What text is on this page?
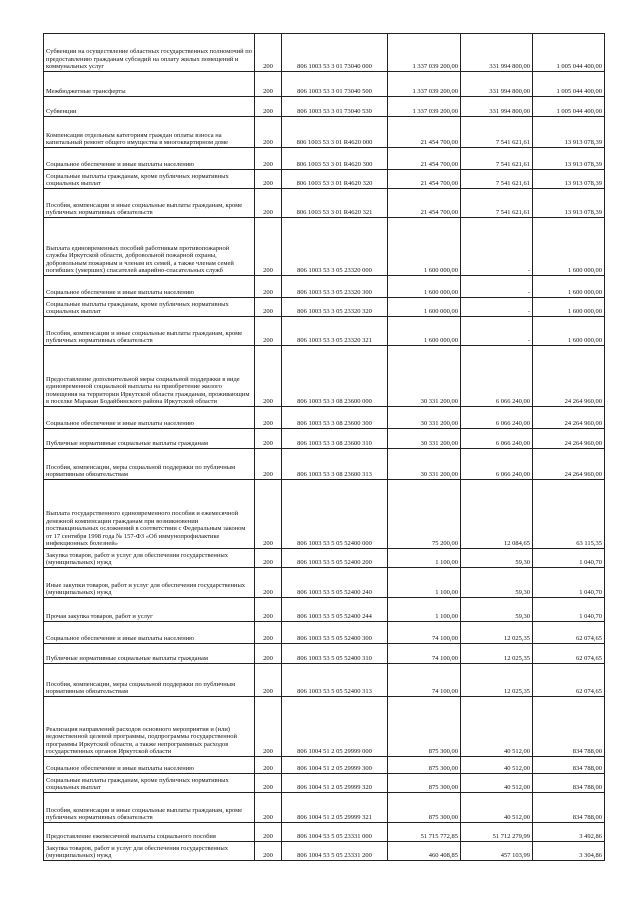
Субвенции на осуществление областных государственных полномочий по предоставлению гражданам субсидий на оплату жилых помещений и коммунальных услуг	200	806 1003 53 3 01 73040 000	1 337 039 200,00	331 994 800,00	1 005 044 400,00
Межбюджетные трансферты	200	806 1003 53 3 01 73040 500	1 337 039 200,00	331 994 800,00	1 005 044 400,00
Субвенции	200	806 1003 53 3 01 73040 530	1 337 039 200,00	331 994 800,00	1 005 044 400,00
Компенсация отдельным категориям граждан оплаты взноса на капитальный ремонт общего имущества в многоквартирном доме	200	806 1003 53 3 01 R4620 000	21 454 700,00	7 541 621,61	13 913 078,39
Социальное обеспечение и иные выплаты населению	200	806 1003 53 3 01 R4620 300	21 454 700,00	7 541 621,61	13 913 078,39
Социальные выплаты гражданам, кроме публичных нормативных социальных выплат	200	806 1003 53 3 01 R4620 320	21 454 700,00	7 541 621,61	13 913 078,39
Пособия, компенсации и иные социальные выплаты гражданам, кроме публичных нормативных обязательств	200	806 1003 53 3 01 R4620 321	21 454 700,00	7 541 621,61	13 913 078,39
Выплата единовременных пособий работникам противопожарной службы Иркутской области, добровольной пожарной охраны, добровольным пожарным и членам их семей, а также членам семей погибших (умерших) спасателей аварийно-спасательных служб	200	806 1003 53 3 05 23320 000	1 600 000,00	-	1 600 000,00
Социальное обеспечение и иные выплаты населению	200	806 1003 53 3 05 23320 300	1 600 000,00	-	1 600 000,00
Социальные выплаты гражданам, кроме публичных нормативных социальных выплат	200	806 1003 53 3 05 23320 320	1 600 000,00	-	1 600 000,00
Пособия, компенсации и иные социальные выплаты гражданам, кроме публичных нормативных обязательств	200	806 1003 53 3 05 23320 321	1 600 000,00	-	1 600 000,00
Предоставление дополнительной меры социальной поддержки в виде единовременной социальной выплаты на приобретение жилого помещения на территории Иркутской области гражданам, проживающим в поселке Маракан Бодайбинского района Иркутской области	200	806 1003 53 3 08 23600 000	30 331 200,00	6 066 240,00	24 264 960,00
Социальное обеспечение и иные выплаты населению	200	806 1003 53 3 08 23600 300	30 331 200,00	6 066 240,00	24 264 960,00
Публичные нормативные социальные выплаты гражданам	200	806 1003 53 3 08 23600 310	30 331 200,00	6 066 240,00	24 264 960,00
Пособия, компенсации, меры социальной поддержки по публичным нормативным обязательствам	200	806 1003 53 3 08 23600 313	30 331 200,00	6 066 240,00	24 264 960,00
Выплата государственного единовременного пособия и ежемесячной денежной компенсации гражданам при возникновении поствакцинальных осложнений в соответствии с Федеральным законом от 17 сентября 1998 года № 157-ФЗ «Об иммунопрофилактике инфекционных болезней»	200	806 1003 53 5 05 52400 000	75 200,00	12 084,65	63 115,35
Закупка товаров, работ и услуг для обеспечения государственных (муниципальных) нужд	200	806 1003 53 5 05 52400 200	1 100,00	59,30	1 040,70
Иные закупки товаров, работ и услуг для обеспечения государственных (муниципальных) нужд	200	806 1003 53 5 05 52400 240	1 100,00	59,30	1 040,70
Прочая закупка товаров, работ и услуг	200	806 1003 53 5 05 52400 244	1 100,00	59,30	1 040,70
Социальное обеспечение и иные выплаты населению	200	806 1003 53 5 05 52400 300	74 100,00	12 025,35	62 074,65
Публичные нормативные социальные выплаты гражданам	200	806 1003 53 5 05 52400 310	74 100,00	12 025,35	62 074,65
Пособия, компенсации, меры социальной поддержки по публичным нормативным обязательствам	200	806 1003 53 5 05 52400 313	74 100,00	12 025,35	62 074,65
Реализация направлений расходов основного мероприятия и (или) ведомственной целевой программы, подпрограммы государственной программы Иркутской области, а также непрограммных расходов государственных органов Иркутской области	200	806 1004 51 2 05 29999 000	875 300,00	40 512,00	834 788,00
Социальное обеспечение и иные выплаты населению	200	806 1004 51 2 05 29999 300	875 300,00	40 512,00	834 788,00
Социальные выплаты гражданам, кроме публичных нормативных социальных выплат	200	806 1004 51 2 05 29999 320	875 300,00	40 512,00	834 788,00
Пособия, компенсации и иные социальные выплаты гражданам, кроме публичных нормативных обязательств	200	806 1004 51 2 05 29999 321	875 300,00	40 512,00	834 788,00
Предоставление ежемесячной выплаты социального пособия	200	806 1004 53 5 05 23331 000	51 715 772,85	51 712 279,99	3 492,86
Закупка товаров, работ и услуг для обеспечения государственных (муниципальных) нужд	200	806 1004 53 5 05 23331 200	460 408,85	457 103,99	3 304,86
